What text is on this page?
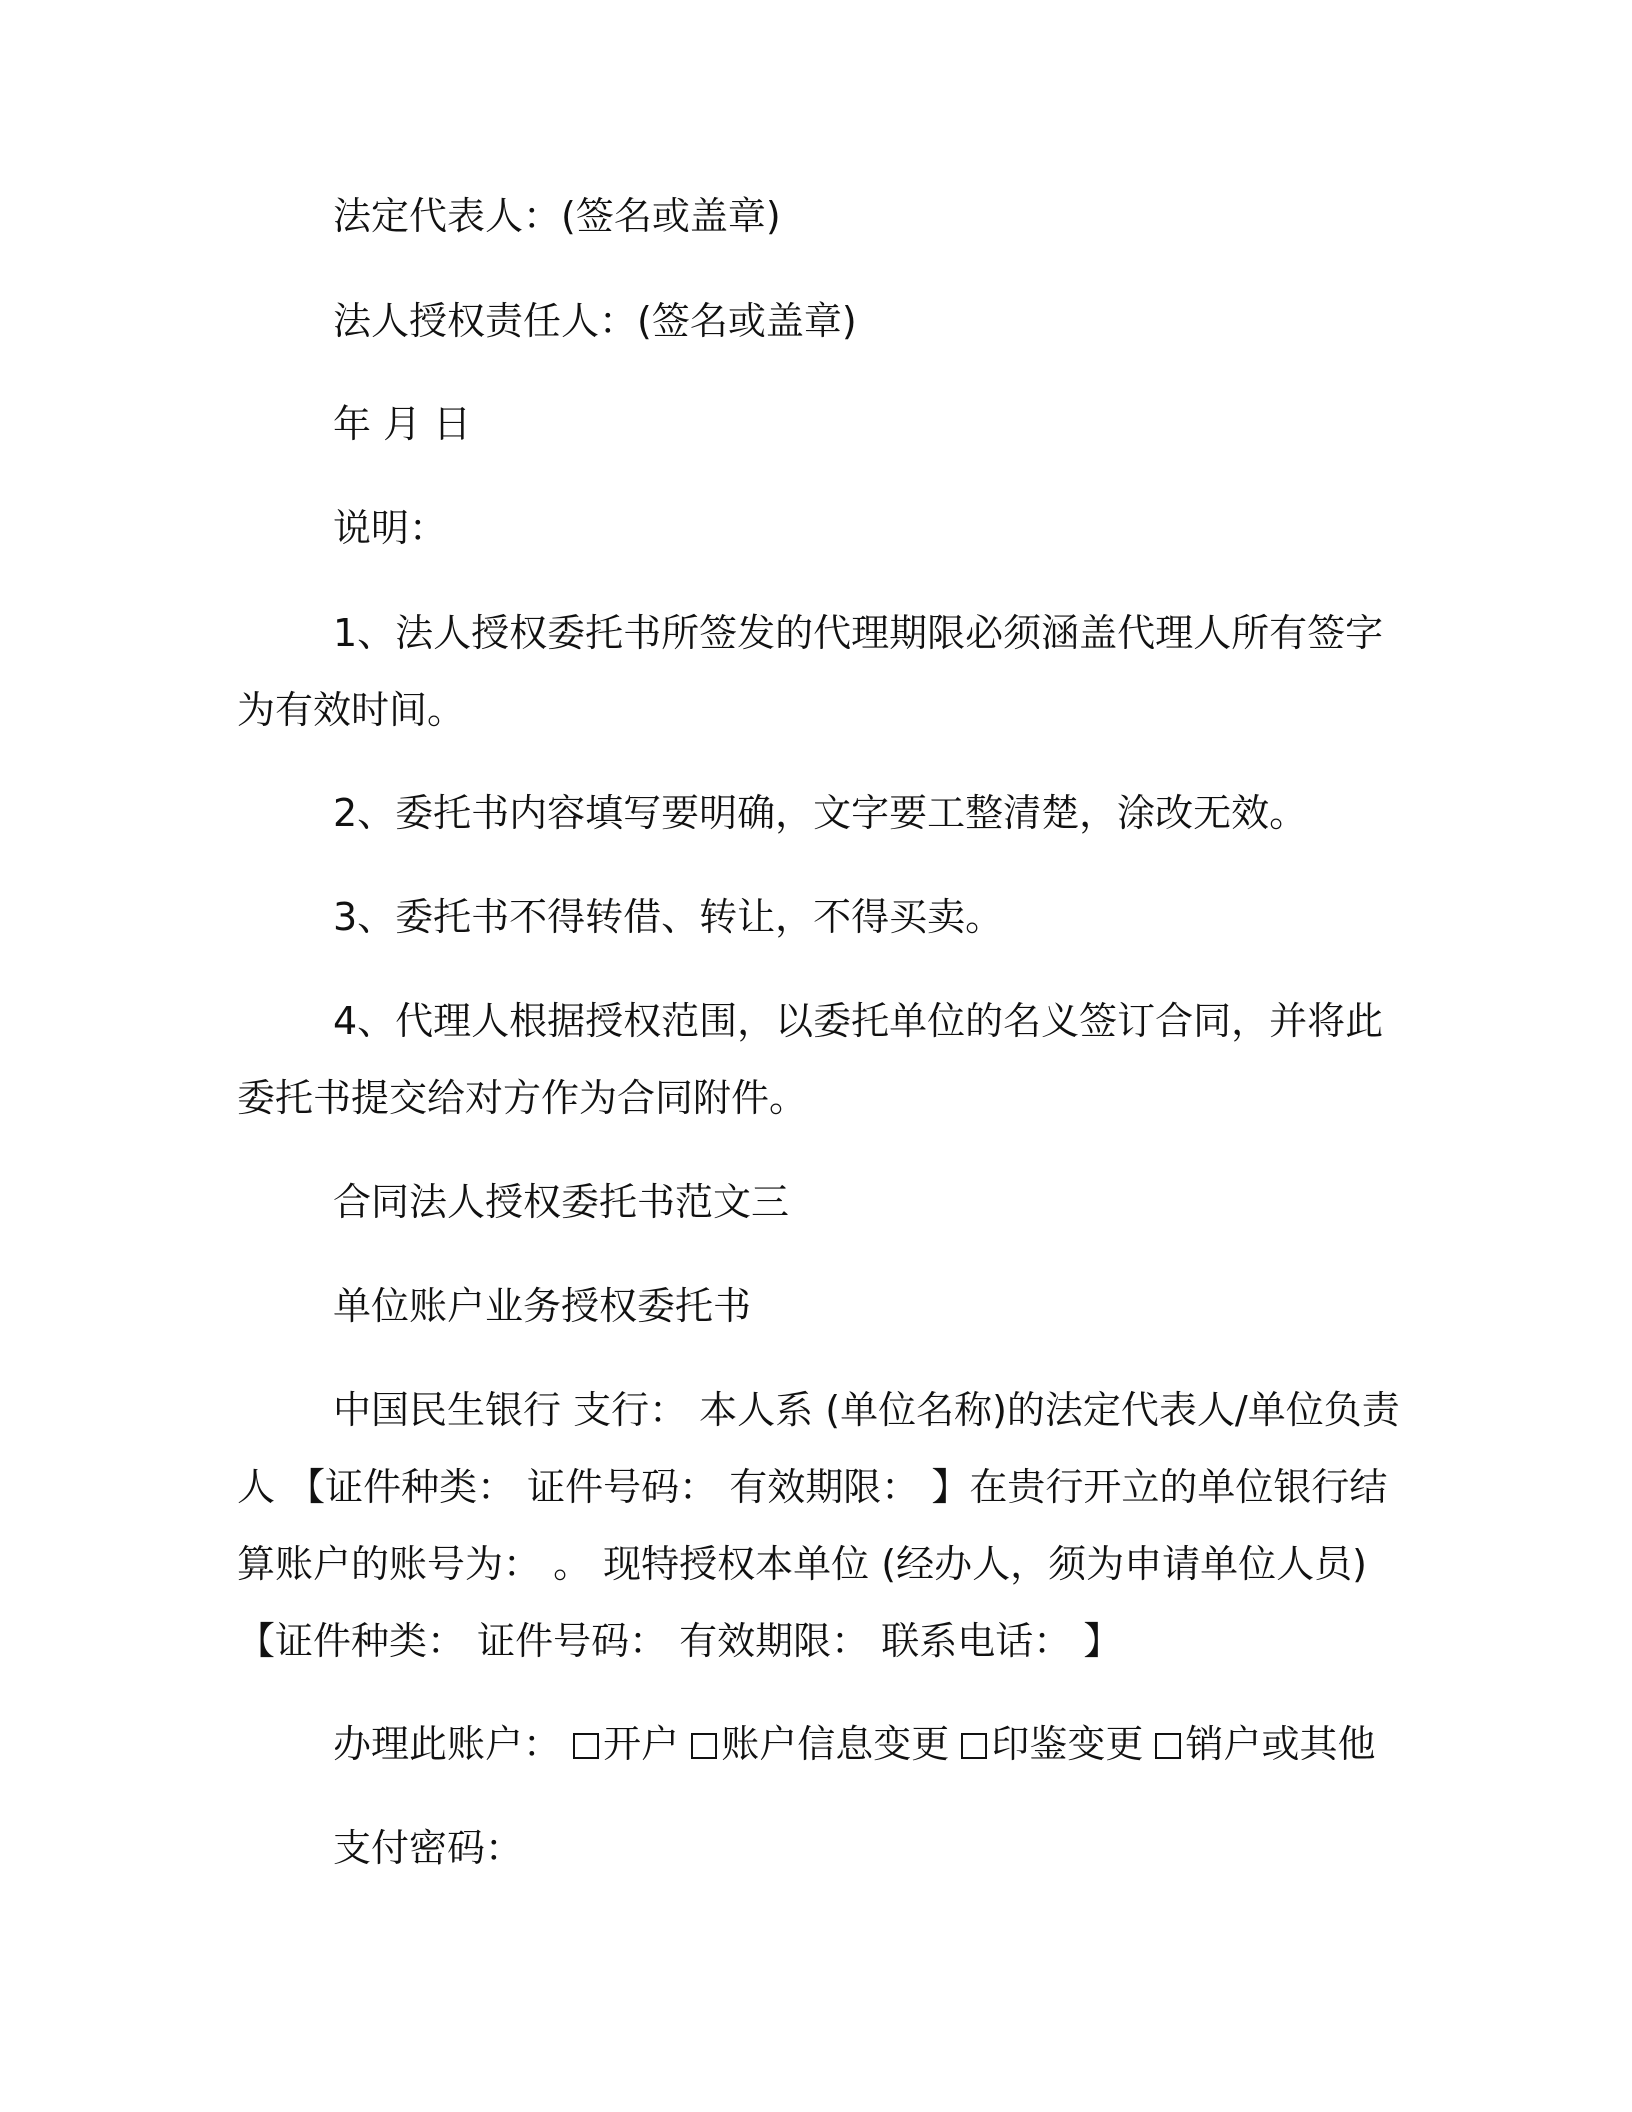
法定代表人：(签名或盖章)

法人授权责任人：(签名或盖章)

年 月 日

说明：

1、法人授权委托书所签发的代理期限必须涵盖代理人所有签字

为有效时间。

2、委托书内容填写要明确，文字要工整清楚，涂改无效。

3、委托书不得转借、转让，不得买卖。

4、代理人根据授权范围，以委托单位的名义签订合同，并将此

委托书提交给对方作为合同附件。

合同法人授权委托书范文三

单位账户业务授权委托书

中国民生银行 支行： 本人系 (单位名称)的法定代表人/单位负责

人 【证件种类： 证件号码： 有效期限： 】在贵行开立的单位银行结

算账户的账号为： 。 现特授权本单位 (经办人，须为申请单位人员)

【证件种类： 证件号码： 有效期限： 联系电话： 】

办理此账户： 开户 账户信息变更 印鉴变更 销户或其他

支付密码：
